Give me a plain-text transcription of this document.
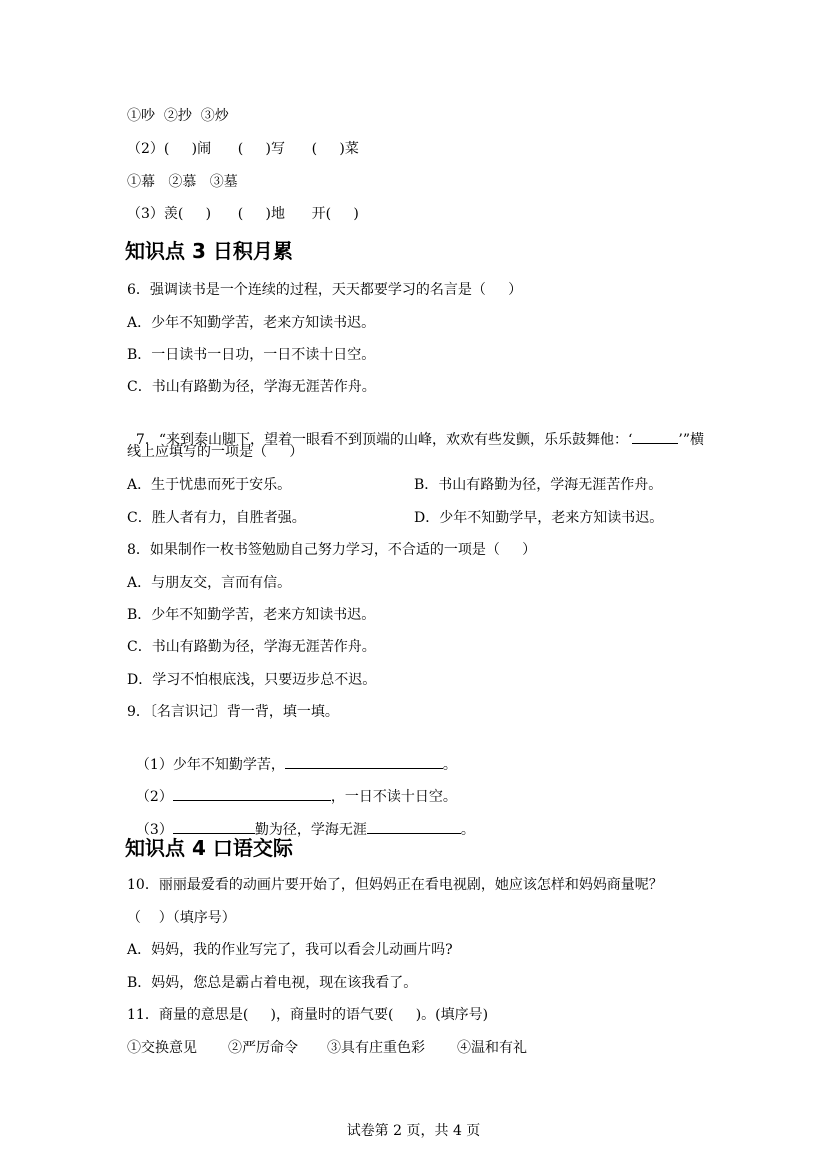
①吵  ②抄  ③炒
（2）(     )闹      (     )写      (     )菜
①幕   ②慕   ③墓
（3）羡(     )      (     )地      开(     )
知识点 3 日积月累
6．强调读书是一个连续的过程，天天都要学习的名言是（     ）
A．少年不知勤学苦，老来方知读书迟。
B．一日读书一日功，一日不读十日空。
C．书山有路勤为径，学海无涯苦作舟。

7．“来到泰山脚下，望着一眼看不到顶端的山峰，欢欢有些发颤，乐乐鼓舞他：‘	’”横

线上应填写的一项是（     ）
A．生于忧患而死于安乐。	B．书山有路勤为径，学海无涯苦作舟。
C．胜人者有力，自胜者强。	D．少年不知勤学早，老来方知读书迟。
8．如果制作一枚书签勉励自己努力学习，不合适的一项是（     ）
A．与朋友交，言而有信。
B．少年不知勤学苦，老来方知读书迟。
C．书山有路勤为径，学海无涯苦作舟。
D．学习不怕根底浅，只要迈步总不迟。
9．〔名言识记〕背一背，填一填。

（1）少年不知勤学苦，	。

（2）	，一日不读十日空。

（3）	勤为径，学海无涯	。

知识点 4 口语交际
10．丽丽最爱看的动画片要开始了，但妈妈正在看电视剧，她应该怎样和妈妈商量呢？
（    ）（填序号）
A．妈妈，我的作业写完了，我可以看会儿动画片吗?
B．妈妈，您总是霸占着电视，现在该我看了。
11．商量的意思是(     )，商量时的语气要(     )。(填序号)
①交换意见 ②严厉命令 ③具有庄重色彩 ④温和有礼
试卷第 2 页，共 4 页
